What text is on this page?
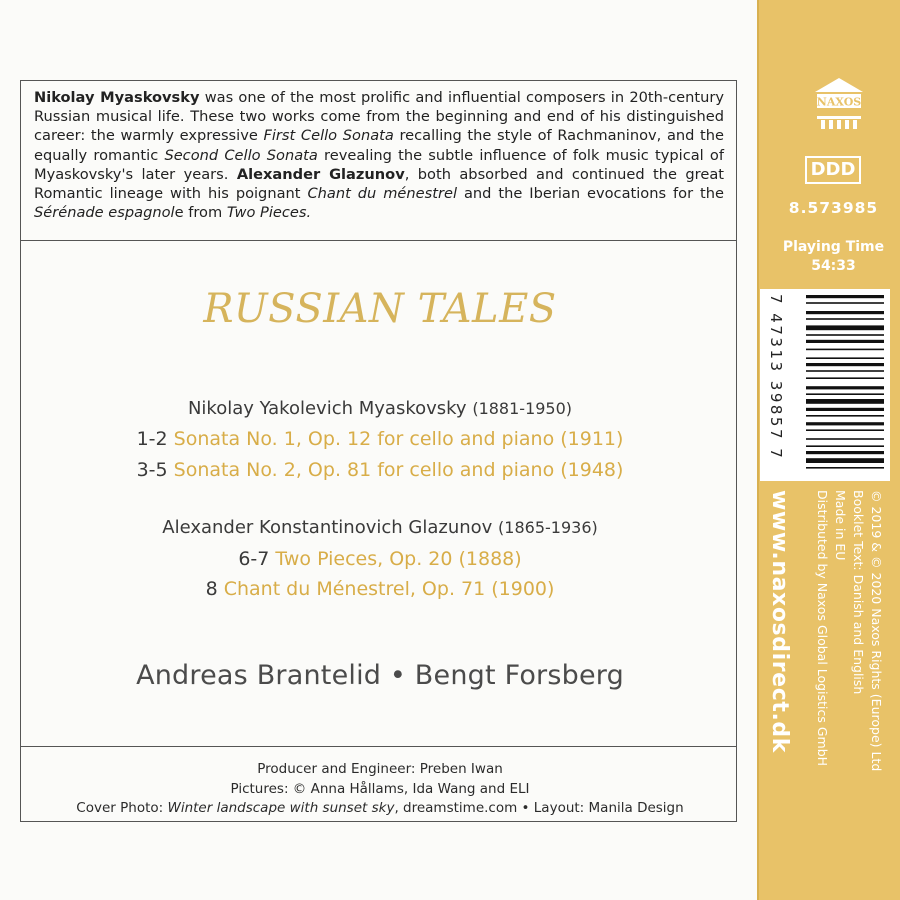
Nikolay Myaskovsky was one of the most prolific and influential composers in 20th-century Russian musical life. These two works come from the beginning and end of his distinguished career: the warmly expressive First Cello Sonata recalling the style of Rachmaninov, and the equally romantic Second Cello Sonata revealing the subtle influence of folk music typical of Myaskovsky's later years. Alexander Glazunov, both absorbed and continued the great Romantic lineage with his poignant Chant du ménestrel and the Iberian evocations for the Sérénade espagnole from Two Pieces.
RUSSIAN TALES
Nikolay Yakolevich Myaskovsky (1881-1950)
1-2 Sonata No. 1, Op. 12 for cello and piano (1911)
3-5 Sonata No. 2, Op. 81 for cello and piano (1948)
Alexander Konstantinovich Glazunov (1865-1936)
6-7 Two Pieces, Op. 20 (1888)
8 Chant du Ménestrel, Op. 71 (1900)
Andreas Brantelid • Bengt Forsberg
Producer and Engineer: Preben Iwan
Pictures: © Anna Hållams, Ida Wang and ELI
Cover Photo: Winter landscape with sunset sky, dreamstime.com • Layout: Manila Design
NAXOS
DDD
8.573985
Playing Time
54:33
7 47313 39857 7
www.naxosdirect.dk	© 2019 & © 2020 Naxos Rights (Europe) Ltd
Booklet Text: Danish and English
Made in EU
Distributed by Naxos Global Logistics GmbH
